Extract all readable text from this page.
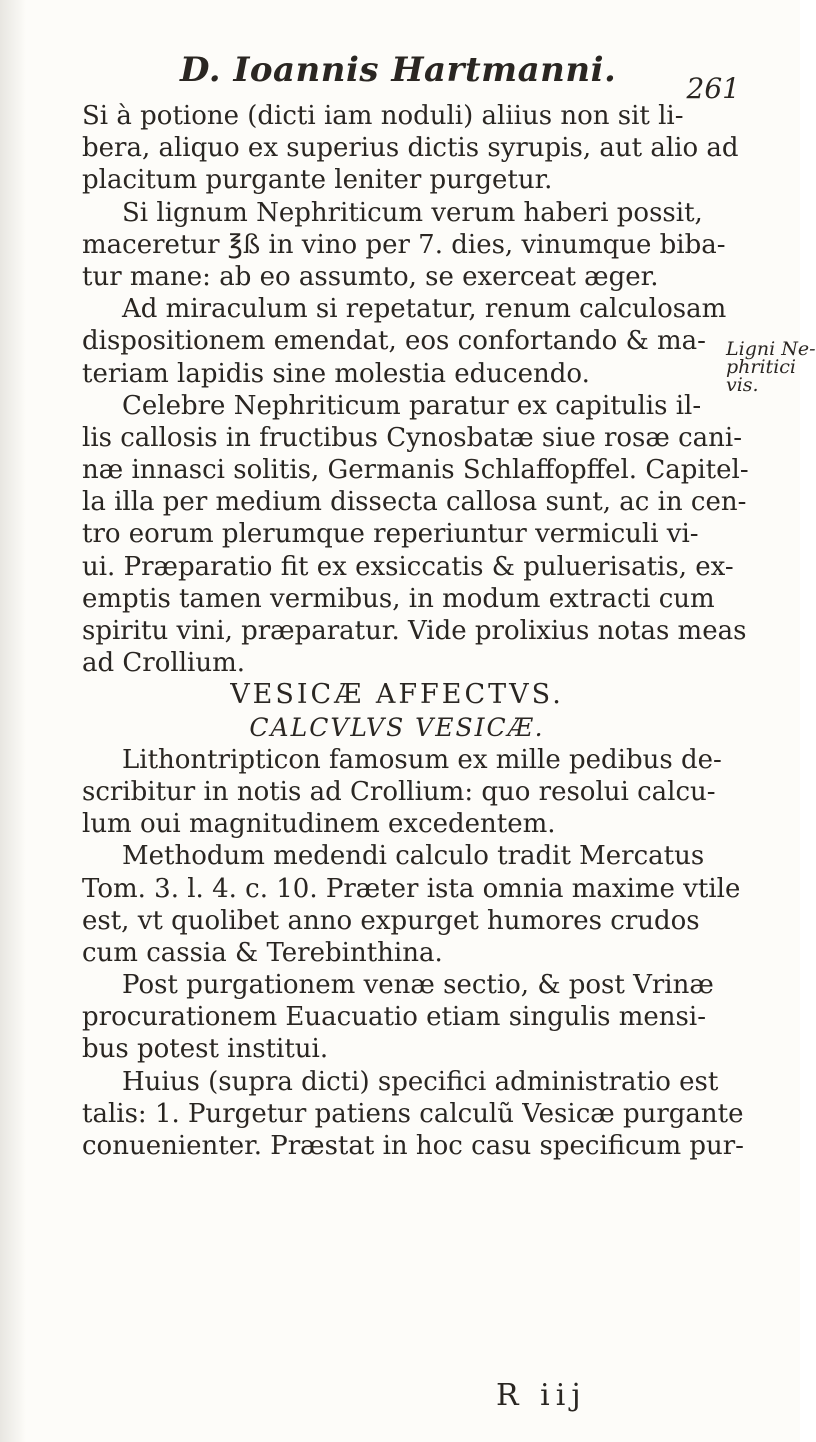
D. Ioannis Hartmanni.	261
Si à potione (dicti iam noduli) aliius non sit li-
bera, aliquo ex superius dictis syrupis, aut alio ad
placitum purgante leniter purgetur.
Si lignum Nephriticum verum haberi possit,
maceretur ℥ß in vino per 7. dies, vinumque biba-
tur mane: ab eo assumto, se exerceat æger.
Ad miraculum si repetatur, renum calculosam
dispositionem emendat, eos confortando & ma-
teriam lapidis sine molestia educendo.
Celebre Nephriticum paratur ex capitulis il-
lis callosis in fructibus Cynosbatæ siue rosæ cani-
næ innasci solitis, Germanis Schlaffopffel. Capitel-
la illa per medium dissecta callosa sunt, ac in cen-
tro eorum plerumque reperiuntur vermiculi vi-
ui. Præparatio fit ex exsiccatis & puluerisatis, ex-
emptis tamen vermibus, in modum extracti cum
spiritu vini, præparatur. Vide prolixius notas meas
ad Crollium.
VESICÆ AFFECTVS.
CALCVLVS VESICÆ.
Lithontripticon famosum ex mille pedibus de-
scribitur in notis ad Crollium: quo resolui calcu-
lum oui magnitudinem excedentem.
Methodum medendi calculo tradit Mercatus
Tom. 3. l. 4. c. 10. Præter ista omnia maxime vtile
est, vt quolibet anno expurget humores crudos
cum cassia & Terebinthina.
Post purgationem venæ sectio, & post Vrinæ
procurationem Euacuatio etiam singulis mensi-
bus potest institui.
Huius (supra dicti) specifici administratio est
talis: 1. Purgetur patiens calculũ Vesicæ purgante
conuenienter. Præstat in hoc casu specificum pur-
Ligni Ne-
phritici
vis.
R iij
